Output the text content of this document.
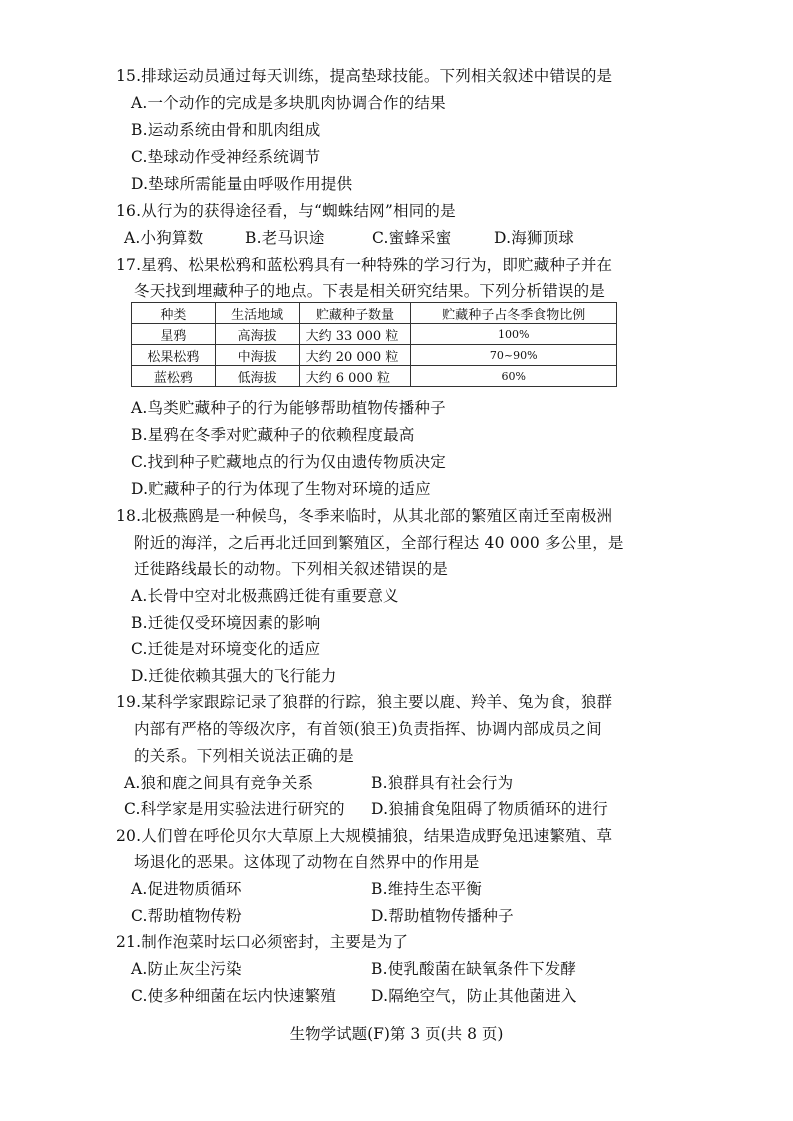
15.排球运动员通过每天训练，提高垫球技能。下列相关叙述中错误的是
A.一个动作的完成是多块肌肉协调合作的结果
B.运动系统由骨和肌肉组成
C.垫球动作受神经系统调节
D.垫球所需能量由呼吸作用提供
16.从行为的获得途径看，与“蜘蛛结网”相同的是
A.小狗算数	B.老马识途	C.蜜蜂采蜜	D.海狮顶球
17.星鸦、松果松鸦和蓝松鸦具有一种特殊的学习行为，即贮藏种子并在
冬天找到埋藏种子的地点。下表是相关研究结果。下列分析错误的是
种类	生活地域	贮藏种子数量	贮藏种子占冬季食物比例
星鸦	高海拔	大约 33 000 粒	100%
松果松鸦	中海拔	大约 20 000 粒	70~90%
蓝松鸦	低海拔	大约 6 000 粒	60%
A.鸟类贮藏种子的行为能够帮助植物传播种子
B.星鸦在冬季对贮藏种子的依赖程度最高
C.找到种子贮藏地点的行为仅由遗传物质决定
D.贮藏种子的行为体现了生物对环境的适应
18.北极燕鸥是一种候鸟，冬季来临时，从其北部的繁殖区南迁至南极洲
附近的海洋，之后再北迁回到繁殖区，全部行程达 40 000 多公里，是
迁徙路线最长的动物。下列相关叙述错误的是
A.长骨中空对北极燕鸥迁徙有重要意义
B.迁徙仅受环境因素的影响
C.迁徙是对环境变化的适应
D.迁徙依赖其强大的飞行能力
19.某科学家跟踪记录了狼群的行踪，狼主要以鹿、羚羊、兔为食，狼群
内部有严格的等级次序，有首领(狼王)负责指挥、协调内部成员之间
的关系。下列相关说法正确的是
A.狼和鹿之间具有竞争关系	B.狼群具有社会行为
C.科学家是用实验法进行研究的 D.狼捕食兔阻碍了物质循环的进行
20.人们曾在呼伦贝尔大草原上大规模捕狼，结果造成野兔迅速繁殖、草
场退化的恶果。这体现了动物在自然界中的作用是
A.促进物质循环	B.维持生态平衡
C.帮助植物传粉	D.帮助植物传播种子
21.制作泡菜时坛口必须密封，主要是为了
A.防止灰尘污染	B.使乳酸菌在缺氧条件下发酵
C.使多种细菌在坛内快速繁殖 D.隔绝空气，防止其他菌进入
生物学试题(F)第 3 页(共 8 页)
